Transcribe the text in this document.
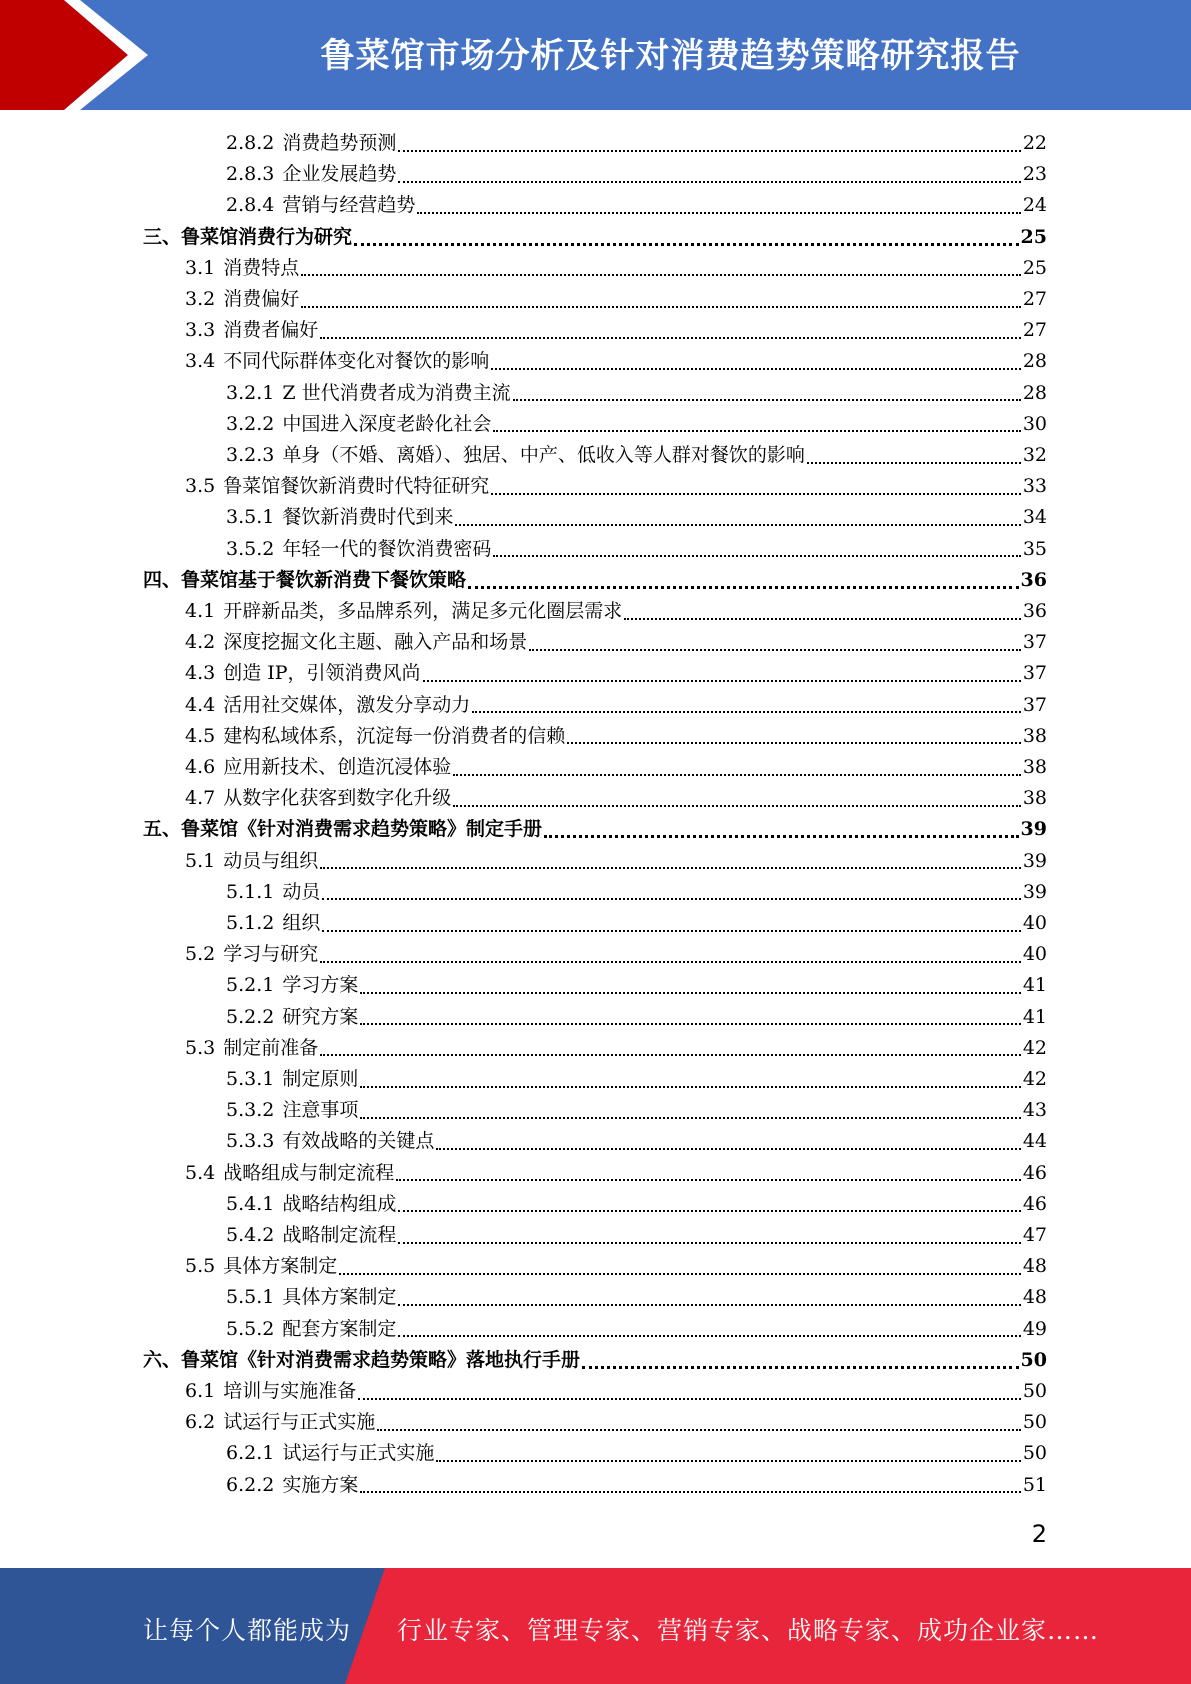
鲁菜馆市场分析及针对消费趋势策略研究报告
2.8.2 消费趋势预测	22
2.8.3 企业发展趋势	23
2.8.4 营销与经营趋势	24
三、鲁菜馆消费行为研究	25
3.1 消费特点	25
3.2 消费偏好	27
3.3 消费者偏好	27
3.4 不同代际群体变化对餐饮的影响	28
3.2.1 Z 世代消费者成为消费主流	28
3.2.2 中国进入深度老龄化社会	30
3.2.3 单身（不婚、离婚）、独居、中产、低收入等人群对餐饮的影响	32
3.5 鲁菜馆餐饮新消费时代特征研究	33
3.5.1 餐饮新消费时代到来	34
3.5.2 年轻一代的餐饮消费密码	35
四、鲁菜馆基于餐饮新消费下餐饮策略	36
4.1 开辟新品类，多品牌系列，满足多元化圈层需求	36
4.2 深度挖掘文化主题、融入产品和场景	37
4.3 创造 IP，引领消费风尚	37
4.4 活用社交媒体，激发分享动力	37
4.5 建构私域体系，沉淀每一份消费者的信赖	38
4.6 应用新技术、创造沉浸体验	38
4.7 从数字化获客到数字化升级	38
五、鲁菜馆《针对消费需求趋势策略》制定手册	39
5.1 动员与组织	39
5.1.1 动员	39
5.1.2 组织	40
5.2 学习与研究	40
5.2.1 学习方案	41
5.2.2 研究方案	41
5.3 制定前准备	42
5.3.1 制定原则	42
5.3.2 注意事项	43
5.3.3 有效战略的关键点	44
5.4 战略组成与制定流程	46
5.4.1 战略结构组成	46
5.4.2 战略制定流程	47
5.5 具体方案制定	48
5.5.1 具体方案制定	48
5.5.2 配套方案制定	49
六、鲁菜馆《针对消费需求趋势策略》落地执行手册	50
6.1 培训与实施准备	50
6.2 试运行与正式实施	50
6.2.1 试运行与正式实施	50
6.2.2 实施方案	51
2
让每个人都能成为 行业专家、管理专家、营销专家、战略专家、成功企业家……
